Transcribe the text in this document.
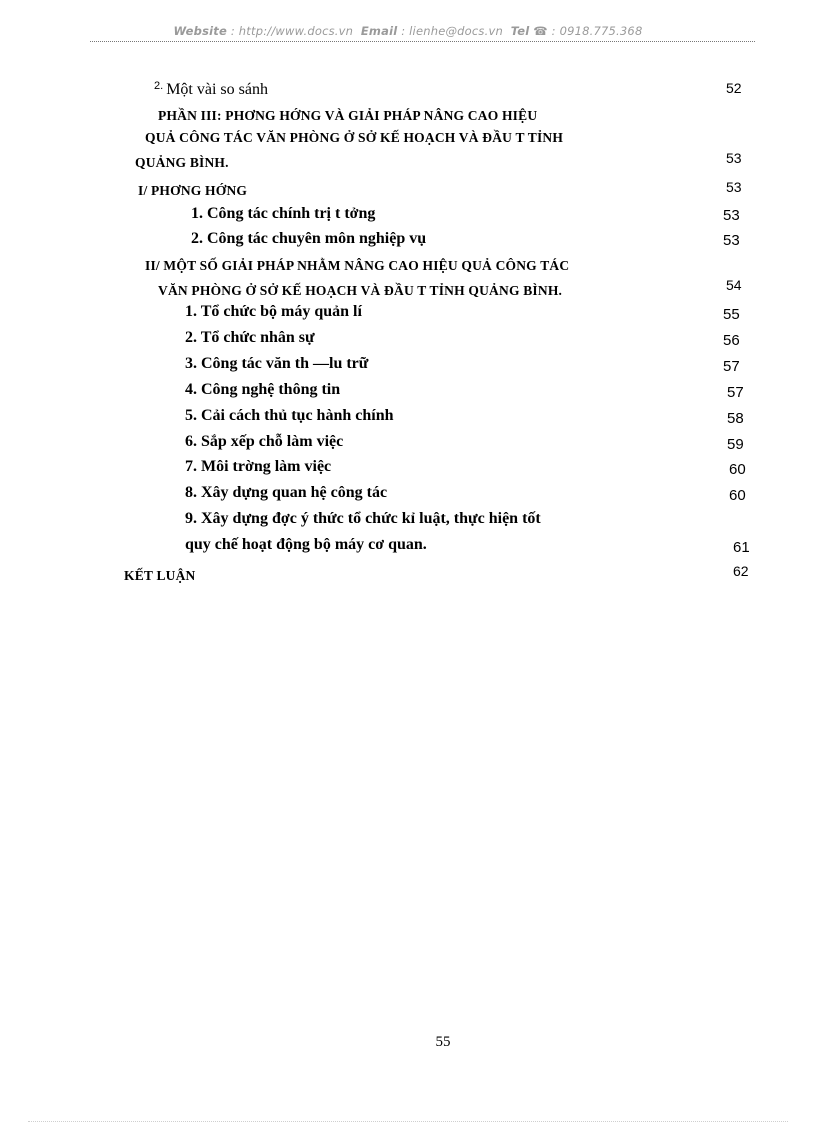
Website : http://www.docs.vn Email : lienhe@docs.vn Tel ☎ : 0918.775.368
$^{2.}$ Một vài so sánh	52
PHẦN III: PHƠNG HỚNG VÀ GIẢI PHÁP NÂNG CAO HIỆU
QUẢ CÔNG TÁC VĂN PHÒNG Ở SỞ KẾ HOẠCH VÀ ĐẦU T TỈNH
QUẢNG BÌNH.	53
I/ PHƠNG HỚNG	53
1. Công tác chính trị t tởng	53
2. Công tác chuyên môn nghiệp vụ	53
II/ MỘT SỐ GIẢI PHÁP NHẰM NÂNG CAO HIỆU QUẢ CÔNG TÁC
VĂN PHÒNG Ở SỞ KẾ HOẠCH VÀ ĐẦU T TỈNH QUẢNG BÌNH.	54
1. Tổ chức bộ máy quản lí	55
2. Tổ chức nhân sự	56
3. Công tác văn th —lu trữ	57
4. Công nghệ thông tin	57
5. Cải cách thủ tục hành chính	58
6. Sắp xếp chỗ làm việc	59
7. Môi trờng làm việc	60
8. Xây dựng quan hệ công tác	60
9. Xây dựng đợc ý thức tổ chức kỉ luật, thực hiện tốt
quy chế hoạt động bộ máy cơ quan.	61
KẾT LUẬN	62
55
